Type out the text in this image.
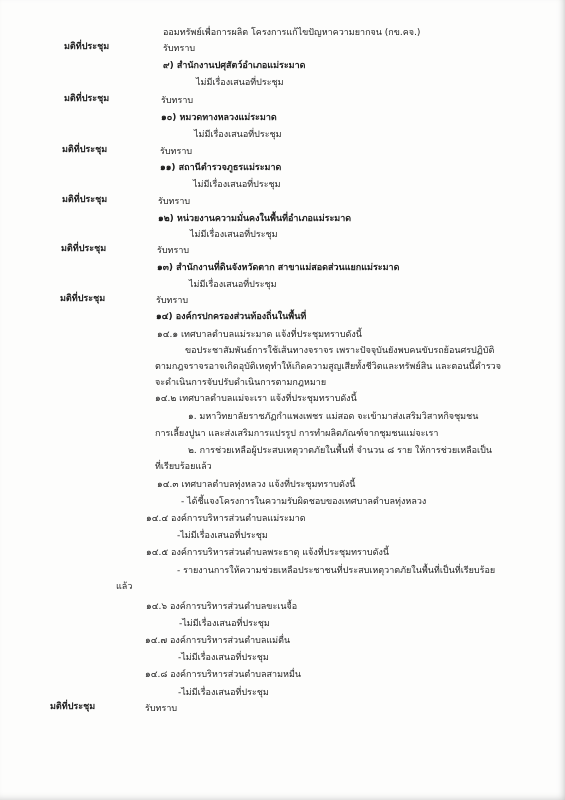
ออมทรัพย์เพื่อการผลิต โครงการแก้ไขปัญหาความยากจน (กข.คจ.)
มติที่ประชุม	รับทราบ
๙) สำนักงานปศุสัตว์อำเภอแม่ระมาด
ไม่มีเรื่องเสนอที่ประชุม
มติที่ประชุม	รับทราบ
๑๐) หมวดทางหลวงแม่ระมาด
ไม่มีเรื่องเสนอที่ประชุม
มติที่ประชุม	รับทราบ
๑๑) สถานีตำรวจภูธรแม่ระมาด
ไม่มีเรื่องเสนอที่ประชุม
มติที่ประชุม	รับทราบ
๑๒) หน่วยงานความมั่นคงในพื้นที่อำเภอแม่ระมาด
ไม่มีเรื่องเสนอที่ประชุม
มติที่ประชุม	รับทราบ
๑๓) สำนักงานที่ดินจังหวัดตาก สาขาแม่สอดส่วนแยกแม่ระมาด
ไม่มีเรื่องเสนอที่ประชุม
มติที่ประชุม	รับทราบ
๑๔) องค์กรปกครองส่วนท้องถิ่นในพื้นที่
๑๔.๑ เทศบาลตำบลแม่ระมาด แจ้งที่ประชุมทราบดังนี้
ขอประชาสัมพันธ์การใช้เส้นทางจราจร เพราะปัจจุบันยังพบคนขับรถย้อนศรปฏิบัติ
ตามกฎจราจรอาจเกิดอุบัติเหตุทำให้เกิดความสูญเสียทั้งชีวิตและทรัพย์สิน และตอนนี้ตำรวจ
จะดำเนินการจับปรับดำเนินการตามกฎหมาย
๑๔.๒ เทศบาลตำบลแม่จะเรา แจ้งที่ประชุมทราบดังนี้
๑. มหาวิทยาลัยราชภัฏกำแพงเพชร แม่สอด จะเข้ามาส่งเสริมวิสาหกิจชุมชน
การเลี้ยงปูนา และส่งเสริมการแปรรูป การทำผลิตภัณฑ์จากชุมชนแม่จะเรา
๒. การช่วยเหลือผู้ประสบเหตุวาตภัยในพื้นที่ จำนวน ๘ ราย ให้การช่วยเหลือเป็น
ที่เรียบร้อยแล้ว
๑๔.๓ เทศบาลตำบลทุ่งหลวง แจ้งที่ประชุมทราบดังนี้
- ได้ชี้แจงโครงการในความรับผิดชอบของเทศบาลตำบลทุ่งหลวง
๑๔.๔ องค์การบริหารส่วนตำบลแม่ระมาด
-ไม่มีเรื่องเสนอที่ประชุม
๑๔.๕ องค์การบริหารส่วนตำบลพระธาตุ แจ้งที่ประชุมทราบดังนี้
- รายงานการให้ความช่วยเหลือประชาชนที่ประสบเหตุวาตภัยในพื้นที่เป็นที่เรียบร้อย
แล้ว
๑๔.๖ องค์การบริหารส่วนตำบลขะเนจื้อ
-ไม่มีเรื่องเสนอที่ประชุม
๑๔.๗ องค์การบริหารส่วนตำบลแม่ตื่น
-ไม่มีเรื่องเสนอที่ประชุม
๑๔.๘ องค์การบริหารส่วนตำบลสามหมื่น
-ไม่มีเรื่องเสนอที่ประชุม
มติที่ประชุม	รับทราบ
